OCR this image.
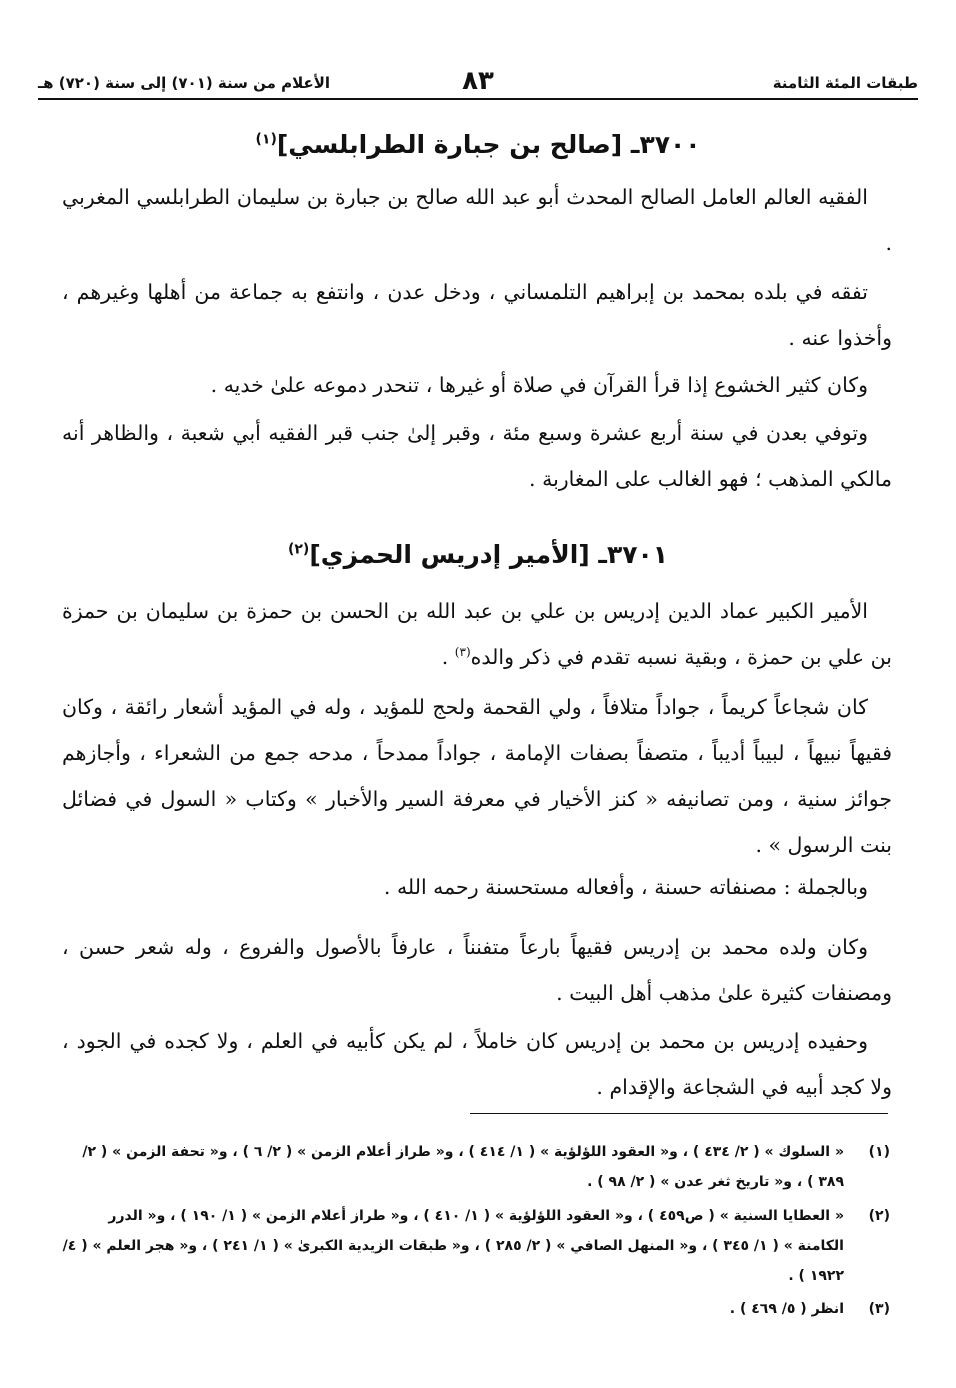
طبقات المئة الثامنة
٨٣
الأعلام من سنة (٧٠١) إلى سنة (٧٢٠) هـ
٣٧٠٠ـ [صالح بن جبارة الطرابلسي]$^{(١)}$

الفقيه العالم العامل الصالح المحدث أبو عبد الله صالح بن جبارة بن سليمان الطرابلسي المغربي .

تفقه في بلده بمحمد بن إبراهيم التلمساني ، ودخل عدن ، وانتفع به جماعة من أهلها وغيرهم ، وأخذوا عنه .

وكان كثير الخشوع إذا قرأ القرآن في صلاة أو غيرها ، تنحدر دموعه علىٰ خديه .

وتوفي بعدن في سنة أربع عشرة وسبع مئة ، وقبر إلىٰ جنب قبر الفقيه أبي شعبة ، والظاهر أنه مالكي المذهب ؛ فهو الغالب على المغاربة .

٣٧٠١ـ [الأمير إدريس الحمزي]$^{(٢)}$

الأمير الكبير عماد الدين إدريس بن علي بن عبد الله بن الحسن بن حمزة بن سليمان بن حمزة بن علي بن حمزة ، وبقية نسبه تقدم في ذكر والده$^{(٣)}$ .

كان شجاعاً كريماً ، جواداً متلافاً ، ولي القحمة ولحج للمؤيد ، وله في المؤيد أشعار رائقة ، وكان فقيهاً نبيهاً ، لبيباً أديباً ، متصفاً بصفات الإمامة ، جواداً ممدحاً ، مدحه جمع من الشعراء ، وأجازهم جوائز سنية ، ومن تصانيفه « كنز الأخيار في معرفة السير والأخبار » وكتاب « السول في فضائل بنت الرسول » .

وبالجملة : مصنفاته حسنة ، وأفعاله مستحسنة رحمه الله .

وكان ولده محمد بن إدريس فقيهاً بارعاً متفنناً ، عارفاً بالأصول والفروع ، وله شعر حسن ، ومصنفات كثيرة علىٰ مذهب أهل البيت .

وحفيده إدريس بن محمد بن إدريس كان خاملاً ، لم يكن كأبيه في العلم ، ولا كجده في الجود ، ولا كجد أبيه في الشجاعة والإقدام .

(١)
« السلوك » ( ٢/ ٤٣٤ ) ، و« العقود اللؤلؤية » ( ١/ ٤١٤ ) ، و« طراز أعلام الزمن » ( ٢/ ٦ ) ، و« تحفة الزمن » ( ٢/ ٣٨٩ ) ، و« تاريخ ثغر عدن » ( ٢/ ٩٨ ) .
(٢)
« العطايا السنية » ( ص٤٥٩ ) ، و« العقود اللؤلؤية » ( ١/ ٤١٠ ) ، و« طراز أعلام الزمن » ( ١/ ١٩٠ ) ، و« الدرر الكامنة » ( ١/ ٣٤٥ ) ، و« المنهل الصافي » ( ٢/ ٢٨٥ ) ، و« طبقات الزيدية الكبرىٰ » ( ١/ ٢٤١ ) ، و« هجر العلم » ( ٤/ ١٩٢٢ ) .
(٣)
انظر ( ٥/ ٤٦٩ ) .
